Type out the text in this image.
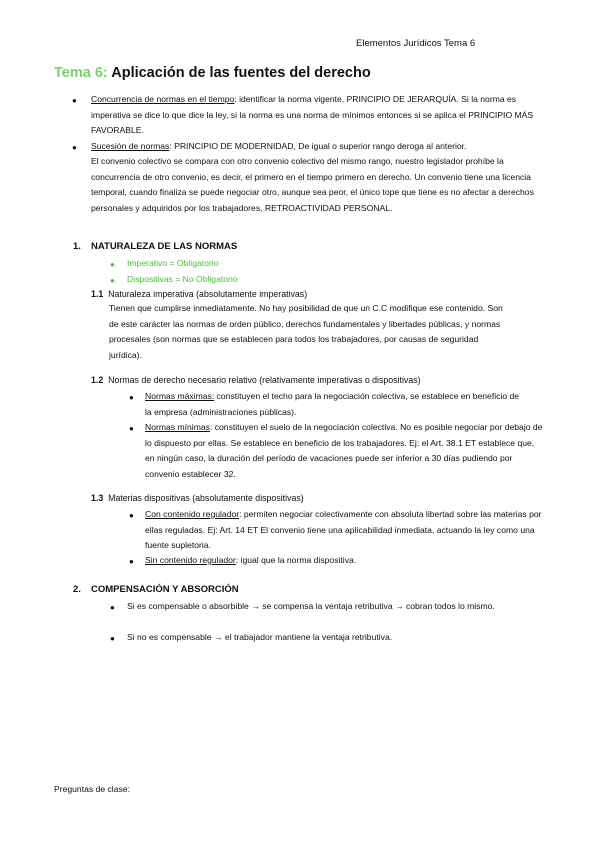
Elementos Jurídicos Tema 6
Tema 6: Aplicación de las fuentes del derecho
● Concurrencia de normas en el tiempo: identificar la norma vigente, PRINCIPIO DE JERARQUÍA. Si la norma es imperativa se dice lo que dice la ley, si la norma es una norma de mínimos entonces si se aplica el PRINCIPIO MÁS FAVORABLE.

● Sucesión de normas: PRINCIPIO DE MODERNIDAD, De igual o superior rango deroga al anterior.

El convenio colectivo se compara con otro convenio colectivo del mismo rango, nuestro legislador prohíbe la concurrencia de otro convenio, es decir, el primero en el tiempo primero en derecho. Un convenio tiene una licencia temporal, cuando finaliza se puede negociar otro, aunque sea peor, el único tope que tiene es no afectar a derechos personales y adquiridos por los trabajadores, RETROACTIVIDAD PERSONAL.

1. NATURALEZA DE LAS NORMAS
● Imperativo = Obligatorio
● Dispositivas = No Obligatorio
1.1 Naturaleza imperativa (absolutamente imperativas)

Tienen que cumplirse inmediatamente. No hay posibilidad de que un C.C modifique ese contenido. Son de este carácter las normas de orden público, derechos fundamentales y libertades públicas, y normas procesales (son normas que se establecen para todos los trabajadores, por causas de seguridad jurídica).

1.2 Normas de derecho necesario relativo (relativamente imperativas o dispositivas)
● Normas máximas: constituyen el techo para la negociación colectiva, se establece en beneficio de la empresa (administraciones públicas).

● Normas mínimas: constituyen el suelo de la negociación colectiva. No es posible negociar por debajo de lo dispuesto por ellas. Se establece en beneficio de los trabajadores. Ej: el Art. 38.1 ET establece que, en ningún caso, la duración del período de vacaciones puede ser inferior a 30 días pudiendo por convenio establecer 32.

1.3 Materias dispositivas (absolutamente dispositivas)
● Con contenido regulador: permiten negociar colectivamente con absoluta libertad sobre las materias por ellas reguladas. Ej: Art. 14 ET El convenio tiene una aplicabilidad inmediata, actuando la ley como una fuente supletoria.

● Sin contenido regulador: igual que la norma dispositiva.

2. COMPENSACIÓN Y ABSORCIÓN
● Si es compensable o absorbible → se compensa la ventaja retributiva → cobran todos lo mismo.

● Si no es compensable → el trabajador mantiene la ventaja retributiva.

Preguntas de clase:
